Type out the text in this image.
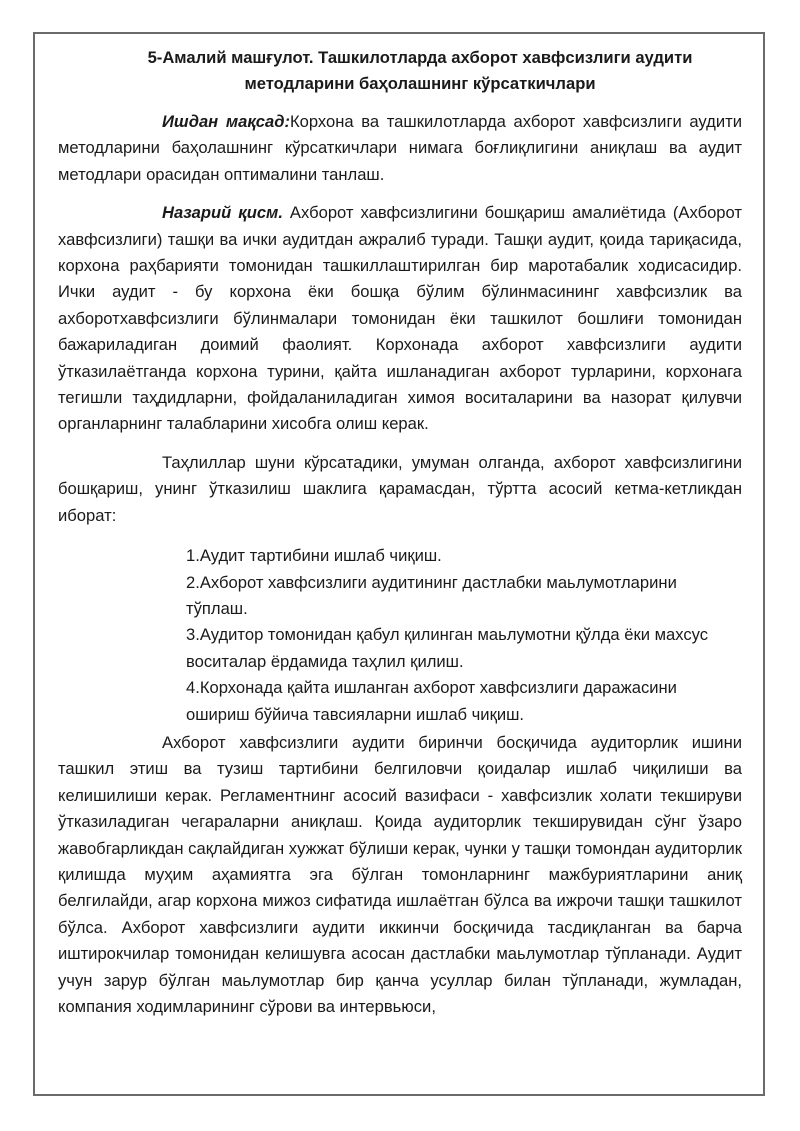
5-Амалий машғулот. Ташкилотларда ахборот хавфсизлиги аудити
методларини баҳолашнинг кўрсаткичлари

Ишдан мақсад:Корхона ва ташкилотларда ахборот хавфсизлиги аудити методларини баҳолашнинг кўрсаткичлари нимага боғлиқлигини аниқлаш ва аудит методлари орасидан оптималини танлаш.

Назарий қисм. Ахборот хавфсизлигини бошқариш амалиётида (Ахборот хавфсизлиги) ташқи ва ички аудитдан ажралиб туради. Ташқи аудит, қоида тариқасида, корхона раҳбарияти томонидан ташкиллаштирилган бир маротабалик ходисасидир. Ички аудит - бу корхона ёки бошқа бўлим бўлинмасининг хавфсизлик ва ахборотхавфсизлиги бўлинмалари томонидан ёки ташкилот бошлиғи томонидан бажариладиган доимий фаолият. Корхонада ахборот хавфсизлиги аудити ўтказилаётганда корхона турини, қайта ишланадиган ахборот турларини, корхонага тегишли таҳдидларни, фойдаланиладиган химоя воситаларини ва назорат қилувчи органларнинг талабларини хисобга олиш керак.

Таҳлиллар шуни кўрсатадики, умуман олганда, ахборот хавфсизлигини бошқариш, унинг ўтказилиш шаклига қарамасдан, тўртта асосий кетма-кетликдан иборат:

1.Аудит тартибини ишлаб чиқиш.
2.Ахборот хавфсизлиги аудитининг дастлабки маьлумотларини тўплаш.
3.Аудитор томонидан қабул қилинган маьлумотни қўлда ёки махсус воситалар ёрдамида таҳлил қилиш.
4.Корхонада қайта ишланган ахборот хавфсизлиги даражасини ошириш бўйича тавсияларни ишлаб чиқиш.

Ахборот хавфсизлиги аудити биринчи босқичида аудиторлик ишини ташкил этиш ва тузиш тартибини белгиловчи қоидалар ишлаб чиқилиши ва келишилиши керак. Регламентнинг асосий вазифаси - хавфсизлик холати текшируви ўтказиладиган чегараларни аниқлаш. Қоида аудиторлик текширувидан сўнг ўзаро жавобгарликдан сақлайдиган хужжат бўлиши керак, чунки у ташқи томондан аудиторлик қилишда муҳим аҳамиятга эга бўлган томонларнинг мажбуриятларини аниқ белгилайди, агар корхона мижоз сифатида ишлаётган бўлса ва ижрочи ташқи ташкилот бўлса. Ахборот хавфсизлиги аудити иккинчи босқичида тасдиқланган ва барча иштирокчилар томонидан келишувга асосан дастлабки маьлумотлар тўпланади. Аудит учун зарур бўлган маьлумотлар бир қанча усуллар билан тўпланади, жумладан, компания ходимларининг сўрови ва интервьюси,
